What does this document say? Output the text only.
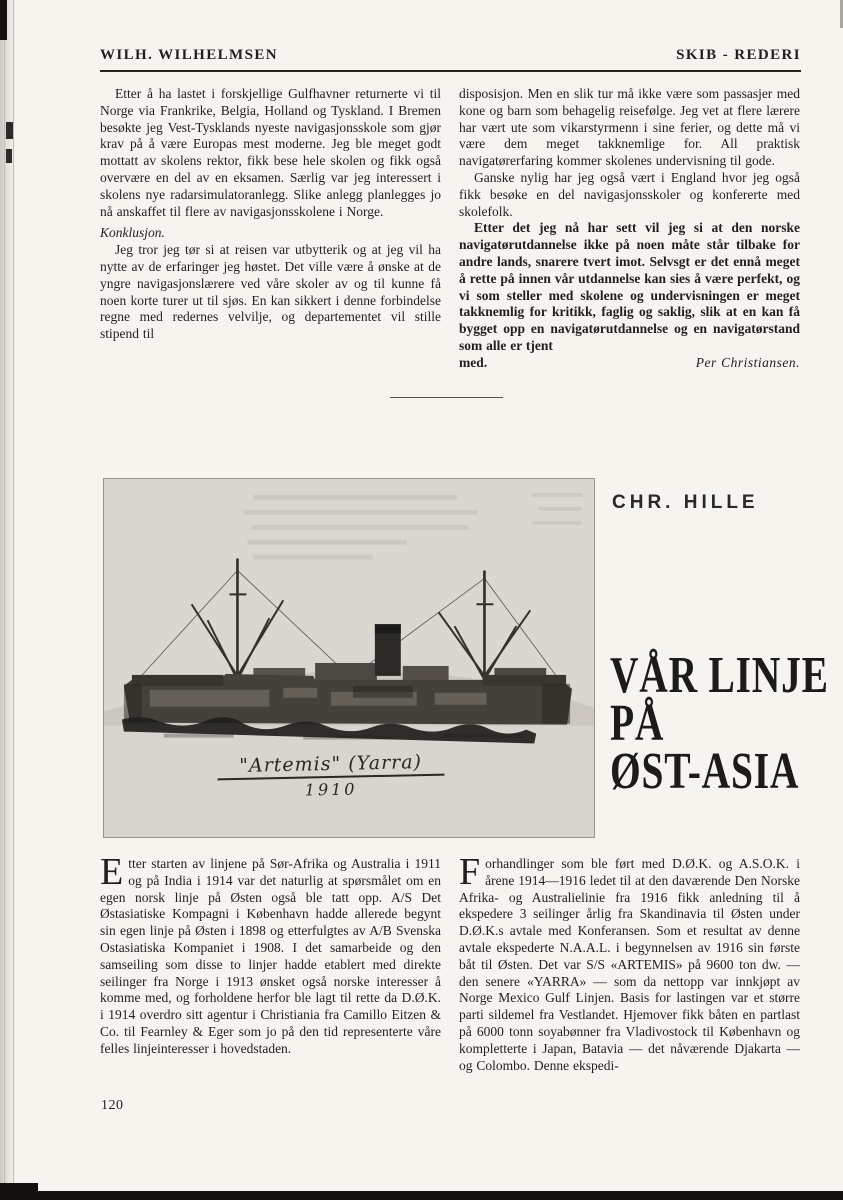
WILH. WILHELMSEN	SKIB - REDERI

Etter å ha lastet i forskjellige Gulfhavner returnerte vi til Norge via Frankrike, Belgia, Holland og Tyskland. I Bremen besøkte jeg Vest-Tysklands nyeste navigasjonsskole som gjør krav på å være Europas mest moderne. Jeg ble meget godt mottatt av skolens rektor, fikk bese hele skolen og fikk også overvære en del av en eksamen. Særlig var jeg interessert i skolens nye radarsimulatoranlegg. Slike anlegg planlegges jo nå anskaffet til flere av navigasjonsskolene i Norge.

Konklusjon.

Jeg tror jeg tør si at reisen var utbytterik og at jeg vil ha nytte av de erfaringer jeg høstet. Det ville være å ønske at de yngre navigasjonslærere ved våre skoler av og til kunne få noen korte turer ut til sjøs. En kan sikkert i denne forbindelse regne med redernes velvilje, og departementet vil stille stipend til

disposisjon. Men en slik tur må ikke være som passasjer med kone og barn som behagelig reisefølge. Jeg vet at flere lærere har vært ute som vikarstyrmenn i sine ferier, og dette må vi være dem meget takknemlige for. All praktisk navigatørerfaring kommer skolenes undervisning til gode.

Ganske nylig har jeg også vært i England hvor jeg også fikk besøke en del navigasjonsskoler og konfererte med skolefolk.

Etter det jeg nå har sett vil jeg si at den norske navigatørutdannelse ikke på noen måte står tilbake for andre lands, snarere tvert imot. Selvsgt er det ennå meget å rette på innen vår utdannelse kan sies å være perfekt, og vi som steller med skolene og undervisningen er meget takknemlig for kritikk, faglig og saklig, slik at en kan få bygget opp en navigatørutdannelse og en navigatørstand som alle er tjent

med.	Per Christiansen.
"Artemis" (Yarra)
1910
CHR. HILLE
VÅR LINJE
PÅ
ØST-ASIA

Etter starten av linjene på Sør-Afrika og Australia i 1911 og på India i 1914 var det naturlig at spørsmålet om en egen norsk linje på Østen også ble tatt opp. A/S Det Østasiatiske Kompagni i København hadde allerede begynt sin egen linje på Østen i 1898 og etterfulgtes av A/B Svenska Ostasiatiska Kompaniet i 1908. I det samarbeide og den samseiling som disse to linjer hadde etablert med direkte seilinger fra Norge i 1913 ønsket også norske interesser å komme med, og forholdene herfor ble lagt til rette da D.Ø.K. i 1914 overdro sitt agentur i Christiania fra Camillo Eitzen & Co. til Fearnley & Eger som jo på den tid representerte våre felles linjeinteresser i hovedstaden.

Forhandlinger som ble ført med D.Ø.K. og A.S.O.K. i årene 1914—1916 ledet til at den daværende Den Norske Afrika- og Australielinie fra 1916 fikk anledning til å ekspedere 3 seilinger årlig fra Skandinavia til Østen under D.Ø.K.s avtale med Konferansen. Som et resultat av denne avtale ekspederte N.A.A.L. i begynnelsen av 1916 sin første båt til Østen. Det var S/S «ARTEMIS» på 9600 ton dw. — den senere «YARRA» — som da nettopp var innkjøpt av Norge Mexico Gulf Linjen. Basis for lastingen var et større parti sildemel fra Vestlandet. Hjemover fikk båten en partlast på 6000 tonn soyabønner fra Vladivostock til København og kompletterte i Japan, Batavia — det nåværende Djakarta — og Colombo. Denne ekspedi-

120
